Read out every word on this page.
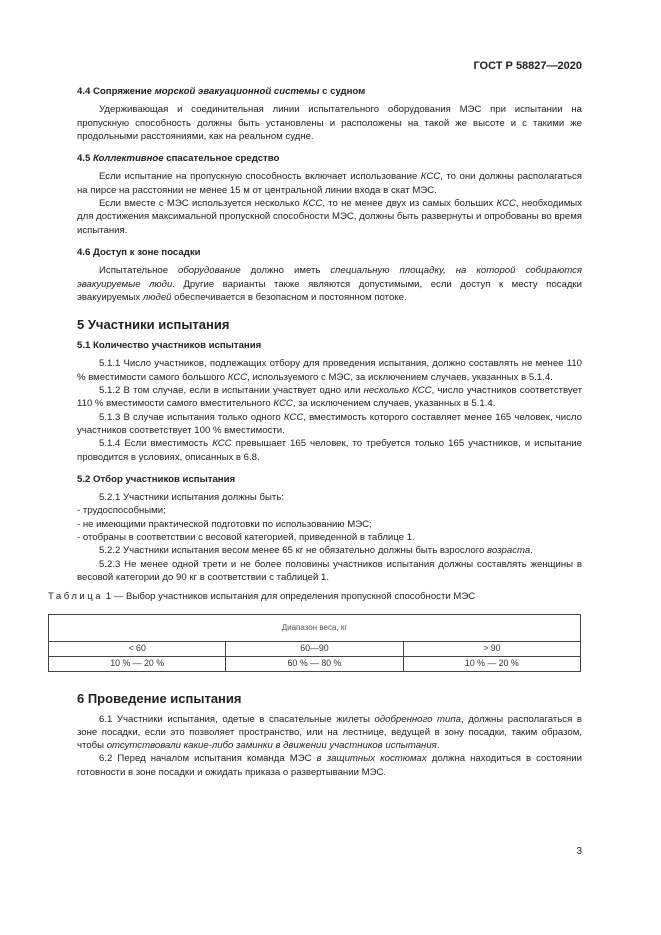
ГОСТ Р 58827—2020
4.4 Сопряжение морской эвакуационной системы с судном

Удерживающая и соединительная линии испытательного оборудования МЭС при испытании на пропускную способность должны быть установлены и расположены на такой же высоте и с такими же продольными расстояниями, как на реальном судне.

4.5 Коллективное спасательное средство

Если испытание на пропускную способность включает использование КСС, то они должны располагаться на пирсе на расстоянии не менее 15 м от центральной линии входа в скат МЭС.

Если вместе с МЭС используется несколько КСС, то не менее двух из самых больших КСС, необходимых для достижения максимальной пропускной способности МЭС, должны быть развернуты и опробованы во время испытания.

4.6 Доступ к зоне посадки

Испытательное оборудование должно иметь специальную площадку, на которой собираются эвакуируемые люди. Другие варианты также являются допустимыми, если доступ к месту посадки эвакуируемых людей обеспечивается в безопасном и постоянном потоке.

5 Участники испытания
5.1 Количество участников испытания

5.1.1 Число участников, подлежащих отбору для проведения испытания, должно составлять не менее 110 % вместимости самого большого КСС, используемого с МЭС, за исключением случаев, указанных в 5.1.4.

5.1.2 В том случае, если в испытании участвует одно или несколько КСС, число участников соответствует 110 % вместимости самого вместительного КСС, за исключением случаев, указанных в 5.1.4.

5.1.3 В случае испытания только одного КСС, вместимость которого составляет менее 165 человек, число участников соответствует 100 % вместимости.

5.1.4 Если вместимость КСС превышает 165 человек, то требуется только 165 участников, и испытание проводится в условиях, описанных в 6.8.

5.2 Отбор участников испытания

5.2.1 Участники испытания должны быть:

- трудоспособными;

- не имеющими практической подготовки по использованию МЭС;

- отобраны в соответствии с весовой категорией, приведенной в таблице 1.

5.2.2 Участники испытания весом менее 65 кг не обязательно должны быть взрослого возраста.

5.2.3 Не менее одной трети и не более половины участников испытания должны составлять женщины в весовой категории до 90 кг в соответствии с таблицей 1.

Таблица 1 — Выбор участников испытания для определения пропускной способности МЭС
Диапазон веса, кг		
< 60	60—90	> 90
10 % — 20 %	60 % — 80 %	10 % — 20 %
6 Проведение испытания

6.1 Участники испытания, одетые в спасательные жилеты одобренного типа, должны располагаться в зоне посадки, если это позволяет пространство, или на лестнице, ведущей в зону посадки, таким образом, чтобы отсутствовали какие-либо заминки в движении участников испытания.

6.2 Перед началом испытания команда МЭС в защитных костюмах должна находиться в состоянии готовности в зоне посадки и ожидать приказа о развертывании МЭС.

3
